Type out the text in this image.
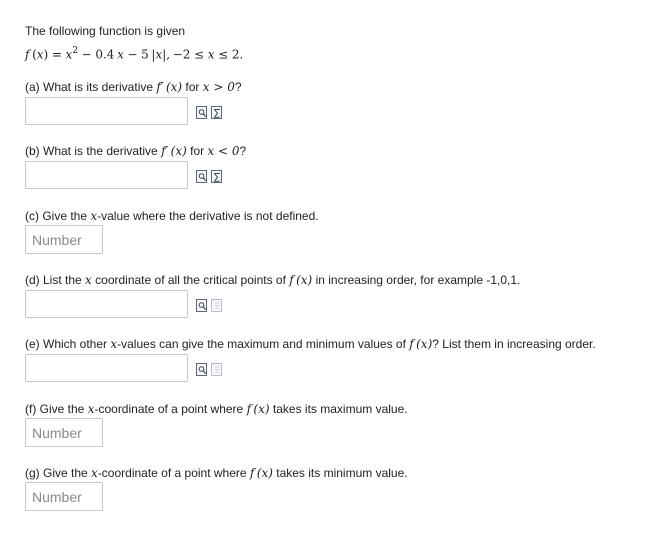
The following function is given
f  $(x) = x^2 - 0.4$  x − 5  |x|,  −2 ≤ x ≤ 2.
(a) What is its derivative f′  (x) for x > 0?
(b) What is the derivative f′  (x) for x < 0?
(c) Give the x-value where the derivative is not defined.
Number
(d) List the x coordinate of all the critical points of f  (x) in increasing order, for example -1,0,1.
(e) Which other x-values can give the maximum and minimum values of f  (x)? List them in increasing order.
(f) Give the x-coordinate of a point where f  (x) takes its maximum value.
Number
(g) Give the x-coordinate of a point where f  (x) takes its minimum value.
Number
